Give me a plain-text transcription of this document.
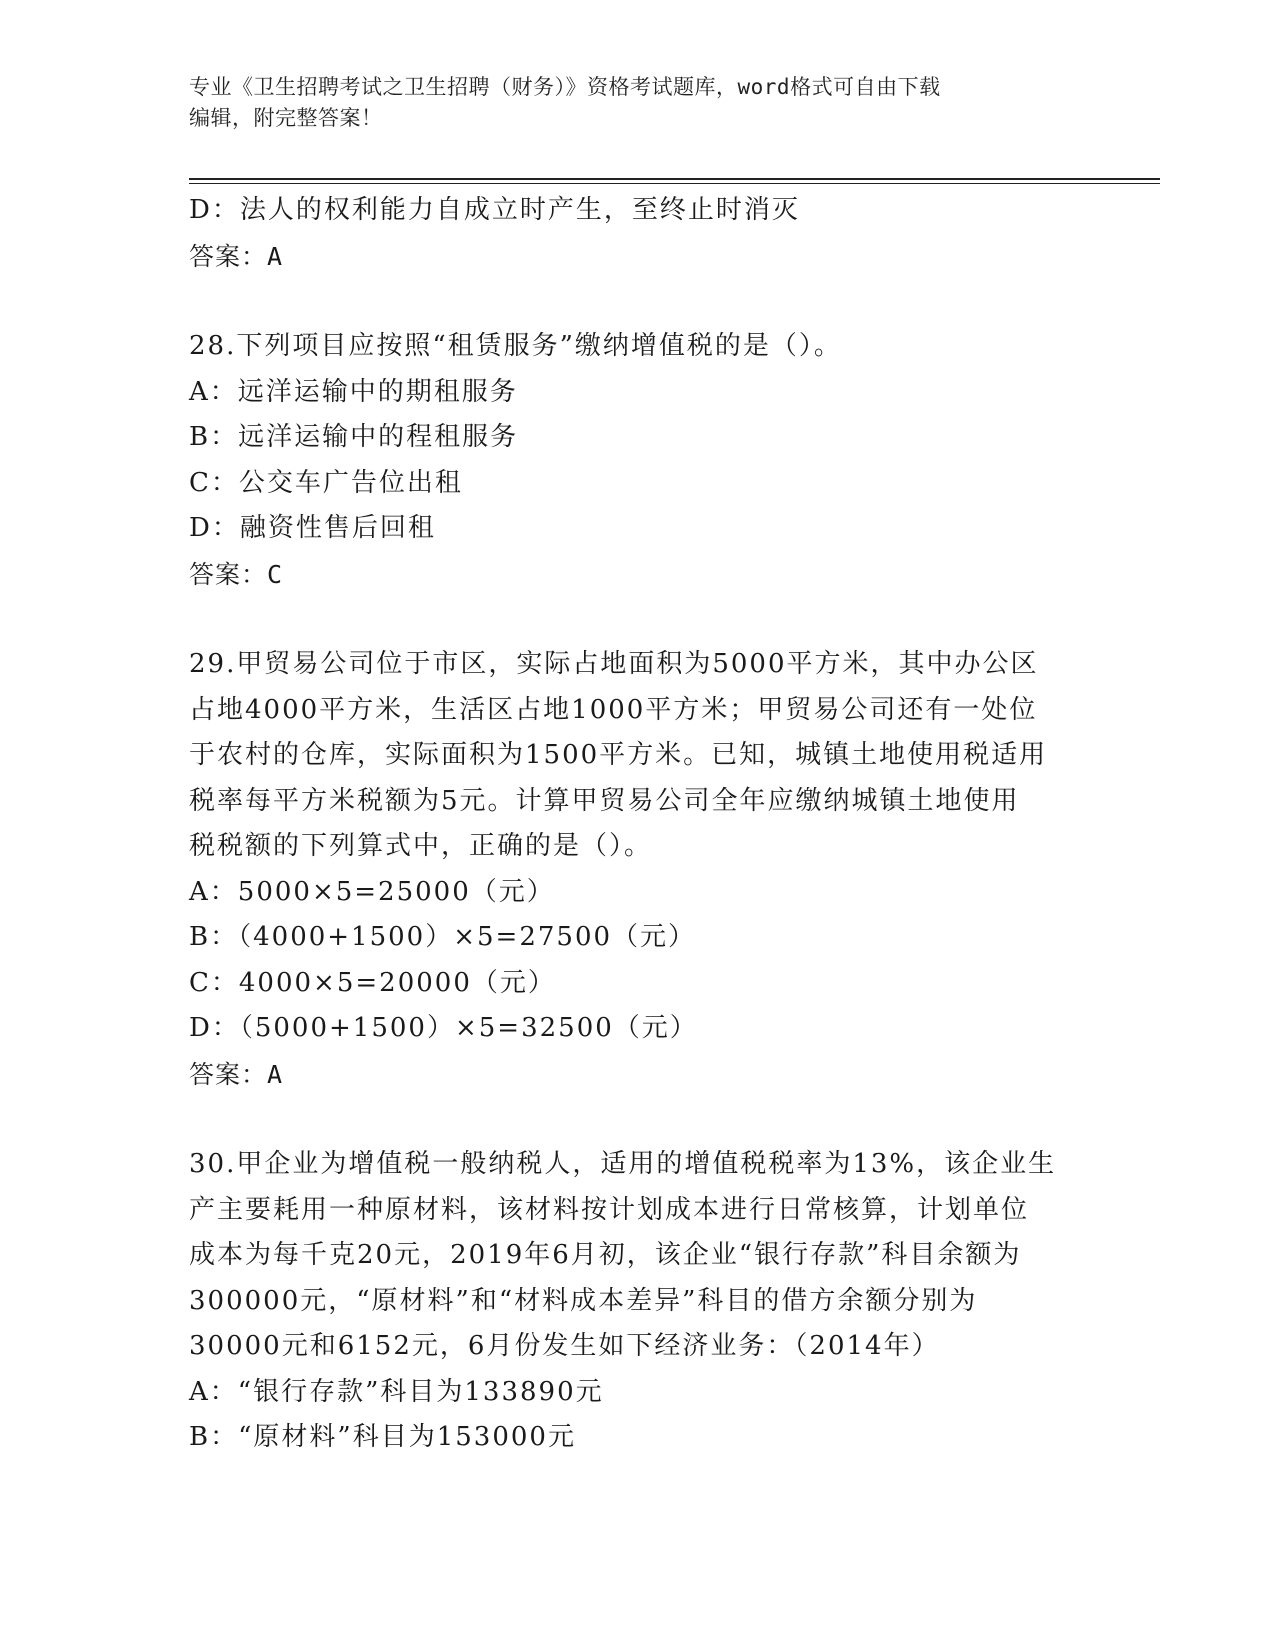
专业《卫生招聘考试之卫生招聘（财务）》资格考试题库，word格式可自由下载
编辑，附完整答案！
D：法人的权利能力自成立时产生，至终止时消灭
答案：A
28.下列项目应按照“租赁服务”缴纳增值税的是（）。
A：远洋运输中的期租服务
B：远洋运输中的程租服务
C：公交车广告位出租
D：融资性售后回租
答案：C
29.甲贸易公司位于市区，实际占地面积为5000平方米，其中办公区
占地4000平方米，生活区占地1000平方米；甲贸易公司还有一处位
于农村的仓库，实际面积为1500平方米。已知，城镇土地使用税适用
税率每平方米税额为5元。计算甲贸易公司全年应缴纳城镇土地使用
税税额的下列算式中，正确的是（）。
A：5000×5=25000（元）
B：（4000+1500）×5=27500（元）
C：4000×5=20000（元）
D：（5000+1500）×5=32500（元）
答案：A
30.甲企业为增值税一般纳税人，适用的增值税税率为13%，该企业生
产主要耗用一种原材料，该材料按计划成本进行日常核算，计划单位
成本为每千克20元，2019年6月初，该企业“银行存款”科目余额为
300000元，“原材料”和“材料成本差异”科目的借方余额分别为
30000元和6152元，6月份发生如下经济业务：（2014年）
A：“银行存款”科目为133890元
B：“原材料”科目为153000元
